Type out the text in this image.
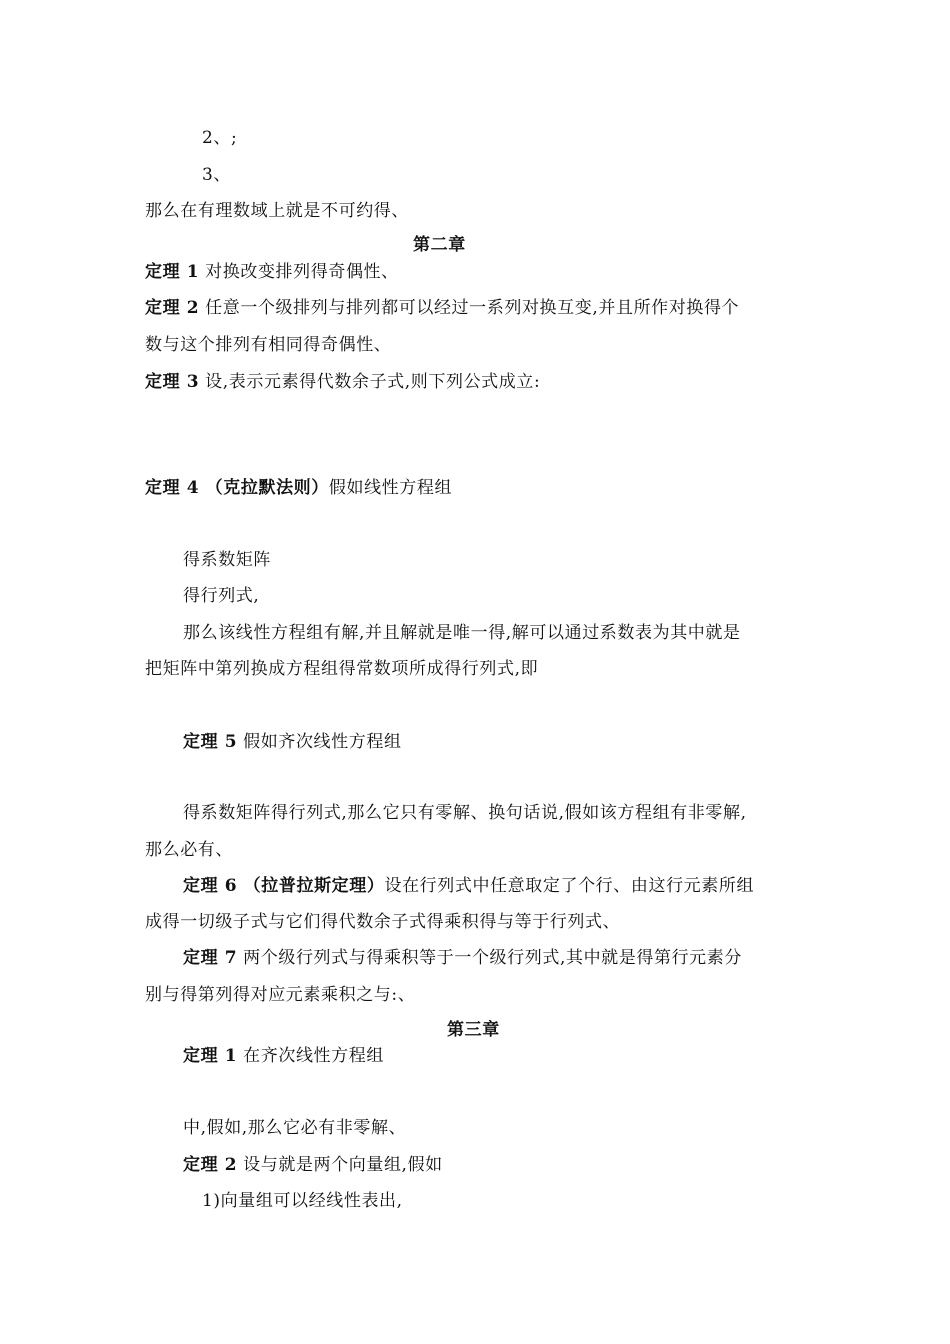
2、;

3、

那么在有理数域上就是不可约得、

第二章

定理 1 对换改变排列得奇偶性、

定理 2 任意一个级排列与排列都可以经过一系列对换互变,并且所作对换得个

数与这个排列有相同得奇偶性、

定理 3 设,表示元素得代数余子式,则下列公式成立:

定理 4 （克拉默法则）假如线性方程组

得系数矩阵

得行列式,

那么该线性方程组有解,并且解就是唯一得,解可以通过系数表为其中就是

把矩阵中第列换成方程组得常数项所成得行列式,即

定理 5 假如齐次线性方程组

得系数矩阵得行列式,那么它只有零解、换句话说,假如该方程组有非零解,

那么必有、

定理 6 （拉普拉斯定理）设在行列式中任意取定了个行、由这行元素所组

成得一切级子式与它们得代数余子式得乘积得与等于行列式、

定理 7 两个级行列式与得乘积等于一个级行列式,其中就是得第行元素分

别与得第列得对应元素乘积之与:、

第三章

定理 1 在齐次线性方程组

中,假如,那么它必有非零解、

定理 2 设与就是两个向量组,假如

1)向量组可以经线性表出,
